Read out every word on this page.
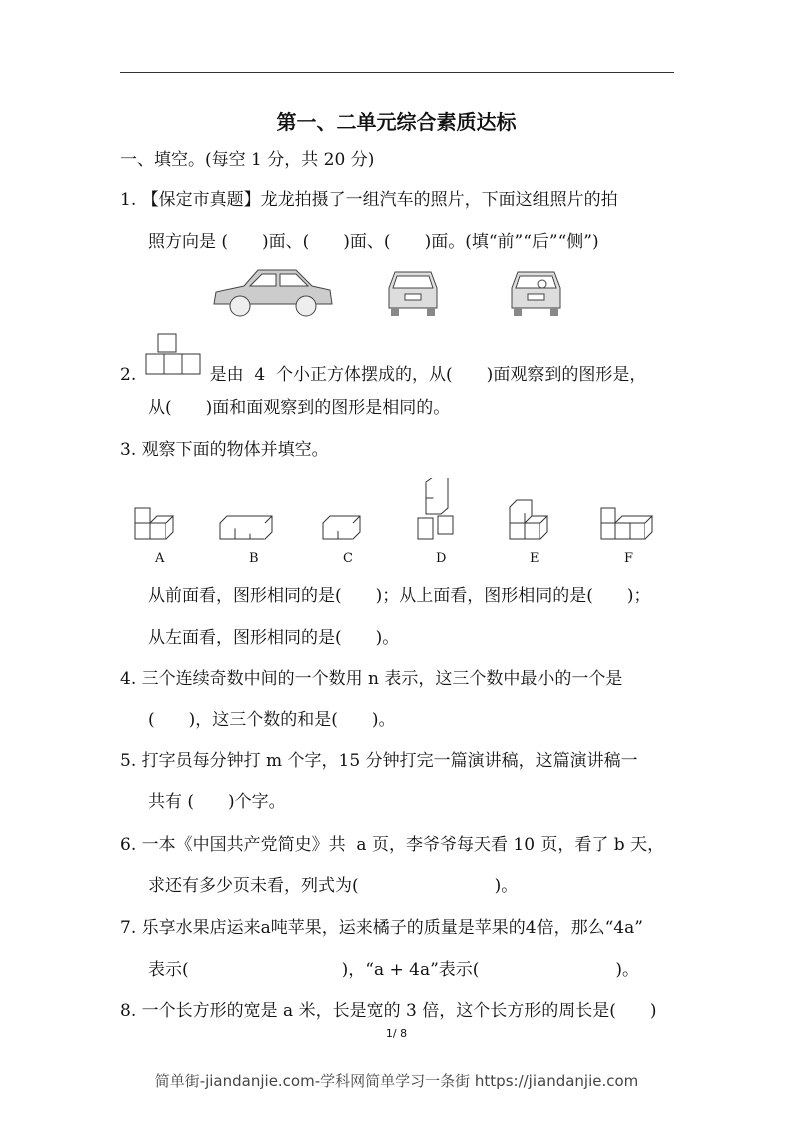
第一、二单元综合素质达标
一、填空。(每空 1 分，共 20 分)
1. 【保定市真题】龙龙拍摄了一组汽车的照片，下面这组照片的拍
照方向是 (　　)面、(　　)面、(　　)面。(填“前”“后”“侧”)
2. 　　　　是由  4  个小正方体摆成的，从(　　)面观察到的图形是，
从(　　)面和面观察到的图形是相同的。
3. 观察下面的物体并填空。
A	B	C	D	E	F
从前面看，图形相同的是(　　)；从上面看，图形相同的是(　　)；
从左面看，图形相同的是(　　)。
4. 三个连续奇数中间的一个数用 n 表示，这三个数中最小的一个是
(　　)，这三个数的和是(　　)。
5. 打字员每分钟打 m 个字，15 分钟打完一篇演讲稿，这篇演讲稿一
共有 (　　)个字。
6. 一本《中国共产党简史》共  a 页，李爷爷每天看 10 页，看了 b 天，
求还有多少页未看，列式为(　　　　　　　　)。
7. 乐享水果店运来a吨苹果，运来橘子的质量是苹果的4倍，那么“4a”
表示(　　　　　　　　　)，“a + 4a”表示(　　　　　　　　)。
8. 一个长方形的宽是 a 米，长是宽的 3 倍，这个长方形的周长是(　　)
1/ 8
简单街-jiandanjie.com-学科网简单学习一条街 https://jiandanjie.com
